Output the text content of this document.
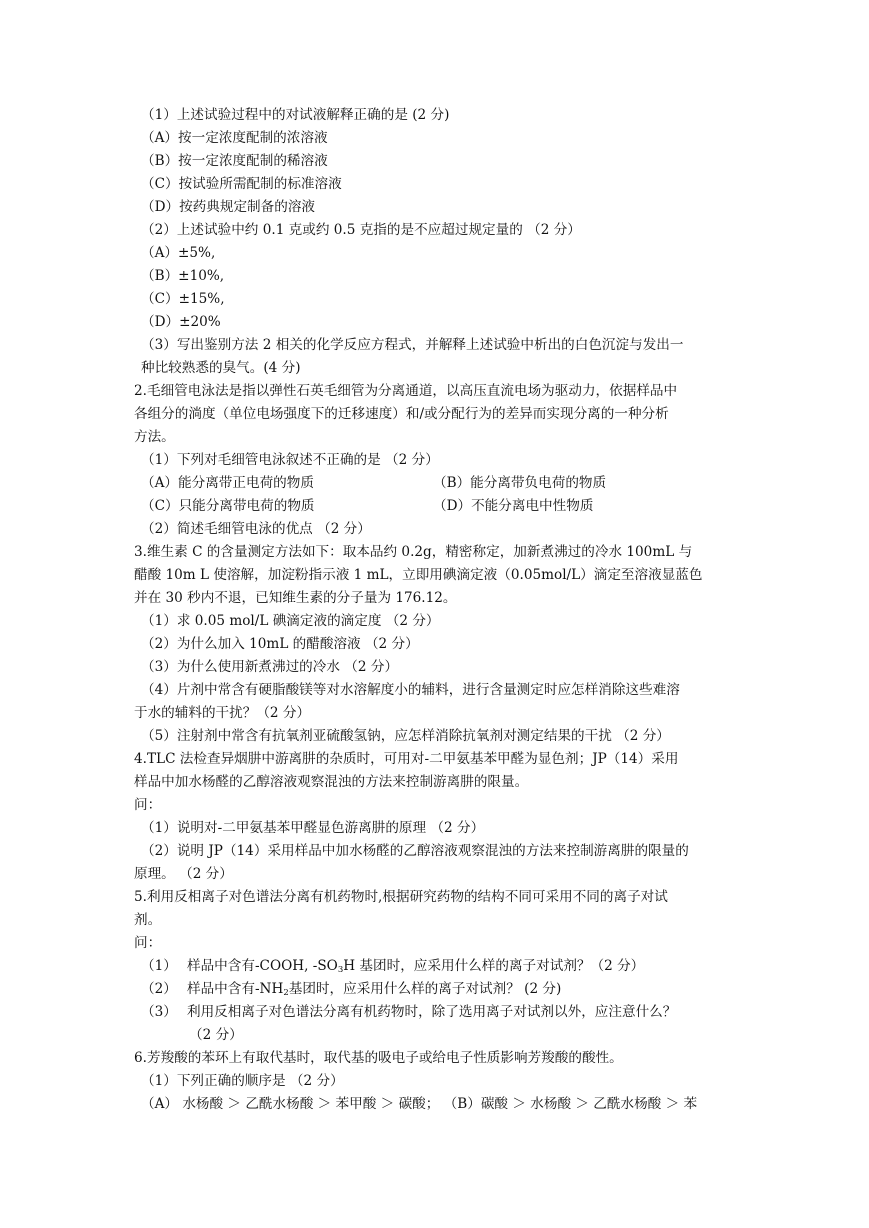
（1）上述试验过程中的对试液解释正确的是 (2 分)
（A）按一定浓度配制的浓溶液
（B）按一定浓度配制的稀溶液
（C）按试验所需配制的标准溶液
（D）按药典规定制备的溶液
（2）上述试验中约 0.1 克或约 0.5 克指的是不应超过规定量的 （2 分）
（A）±5%,
（B）±10%,
（C）±15%,
（D）±20%
（3）写出鉴别方法 2 相关的化学反应方程式，并解释上述试验中析出的白色沉淀与发出一
种比较熟悉的臭气。(4 分)
2.毛细管电泳法是指以弹性石英毛细管为分离通道，以高压直流电场为驱动力，依据样品中
各组分的淌度（单位电场强度下的迁移速度）和/或分配行为的差异而实现分离的一种分析
方法。
（1）下列对毛细管电泳叙述不正确的是 （2 分）
（A）能分离带正电荷的物质	（B）能分离带负电荷的物质
（C）只能分离带电荷的物质	（D）不能分离电中性物质
（2）简述毛细管电泳的优点 （2 分）
3.维生素 C 的含量测定方法如下：取本品约 0.2g，精密称定，加新煮沸过的冷水 100mL 与
醋酸 10m L 使溶解，加淀粉指示液 1 mL，立即用碘滴定液（0.05mol/L）滴定至溶液显蓝色
并在 30 秒内不退，已知维生素的分子量为 176.12。
（1）求 0.05 mol/L 碘滴定液的滴定度 （2 分）
（2）为什么加入 10mL 的醋酸溶液 （2 分）
（3）为什么使用新煮沸过的冷水 （2 分）
（4）片剂中常含有硬脂酸镁等对水溶解度小的辅料，进行含量测定时应怎样消除这些难溶
于水的辅料的干扰？（2 分）
（5）注射剂中常含有抗氧剂亚硫酸氢钠，应怎样消除抗氧剂对测定结果的干扰 （2 分）
4.TLC 法检查异烟肼中游离肼的杂质时，可用对-二甲氨基苯甲醛为显色剂；JP（14）采用
样品中加水杨醛的乙醇溶液观察混浊的方法来控制游离肼的限量。
问：
（1）说明对-二甲氨基苯甲醛显色游离肼的原理 （2 分）
（2）说明 JP（14）采用样品中加水杨醛的乙醇溶液观察混浊的方法来控制游离肼的限量的
原理。 （2 分）
5.利用反相离子对色谱法分离有机药物时,根据研究药物的结构不同可采用不同的离子对试
剂。
问：
（1） 样品中含有-COOH, $-SO_3H$ 基团时，应采用什么样的离子对试剂？（2 分）
（2） 样品中含有$-NH_2$基团时，应采用什么样的离子对试剂？ (2 分)
（3） 利用反相离子对色谱法分离有机药物时，除了选用离子对试剂以外，应注意什么？
（2 分）
6.芳羧酸的苯环上有取代基时，取代基的吸电子或给电子性质影响芳羧酸的酸性。
（1）下列正确的顺序是 （2 分）
（A） 水杨酸 ＞ 乙酰水杨酸 ＞ 苯甲酸 ＞ 碳酸； （B）碳酸 ＞ 水杨酸 ＞ 乙酰水杨酸 ＞ 苯
